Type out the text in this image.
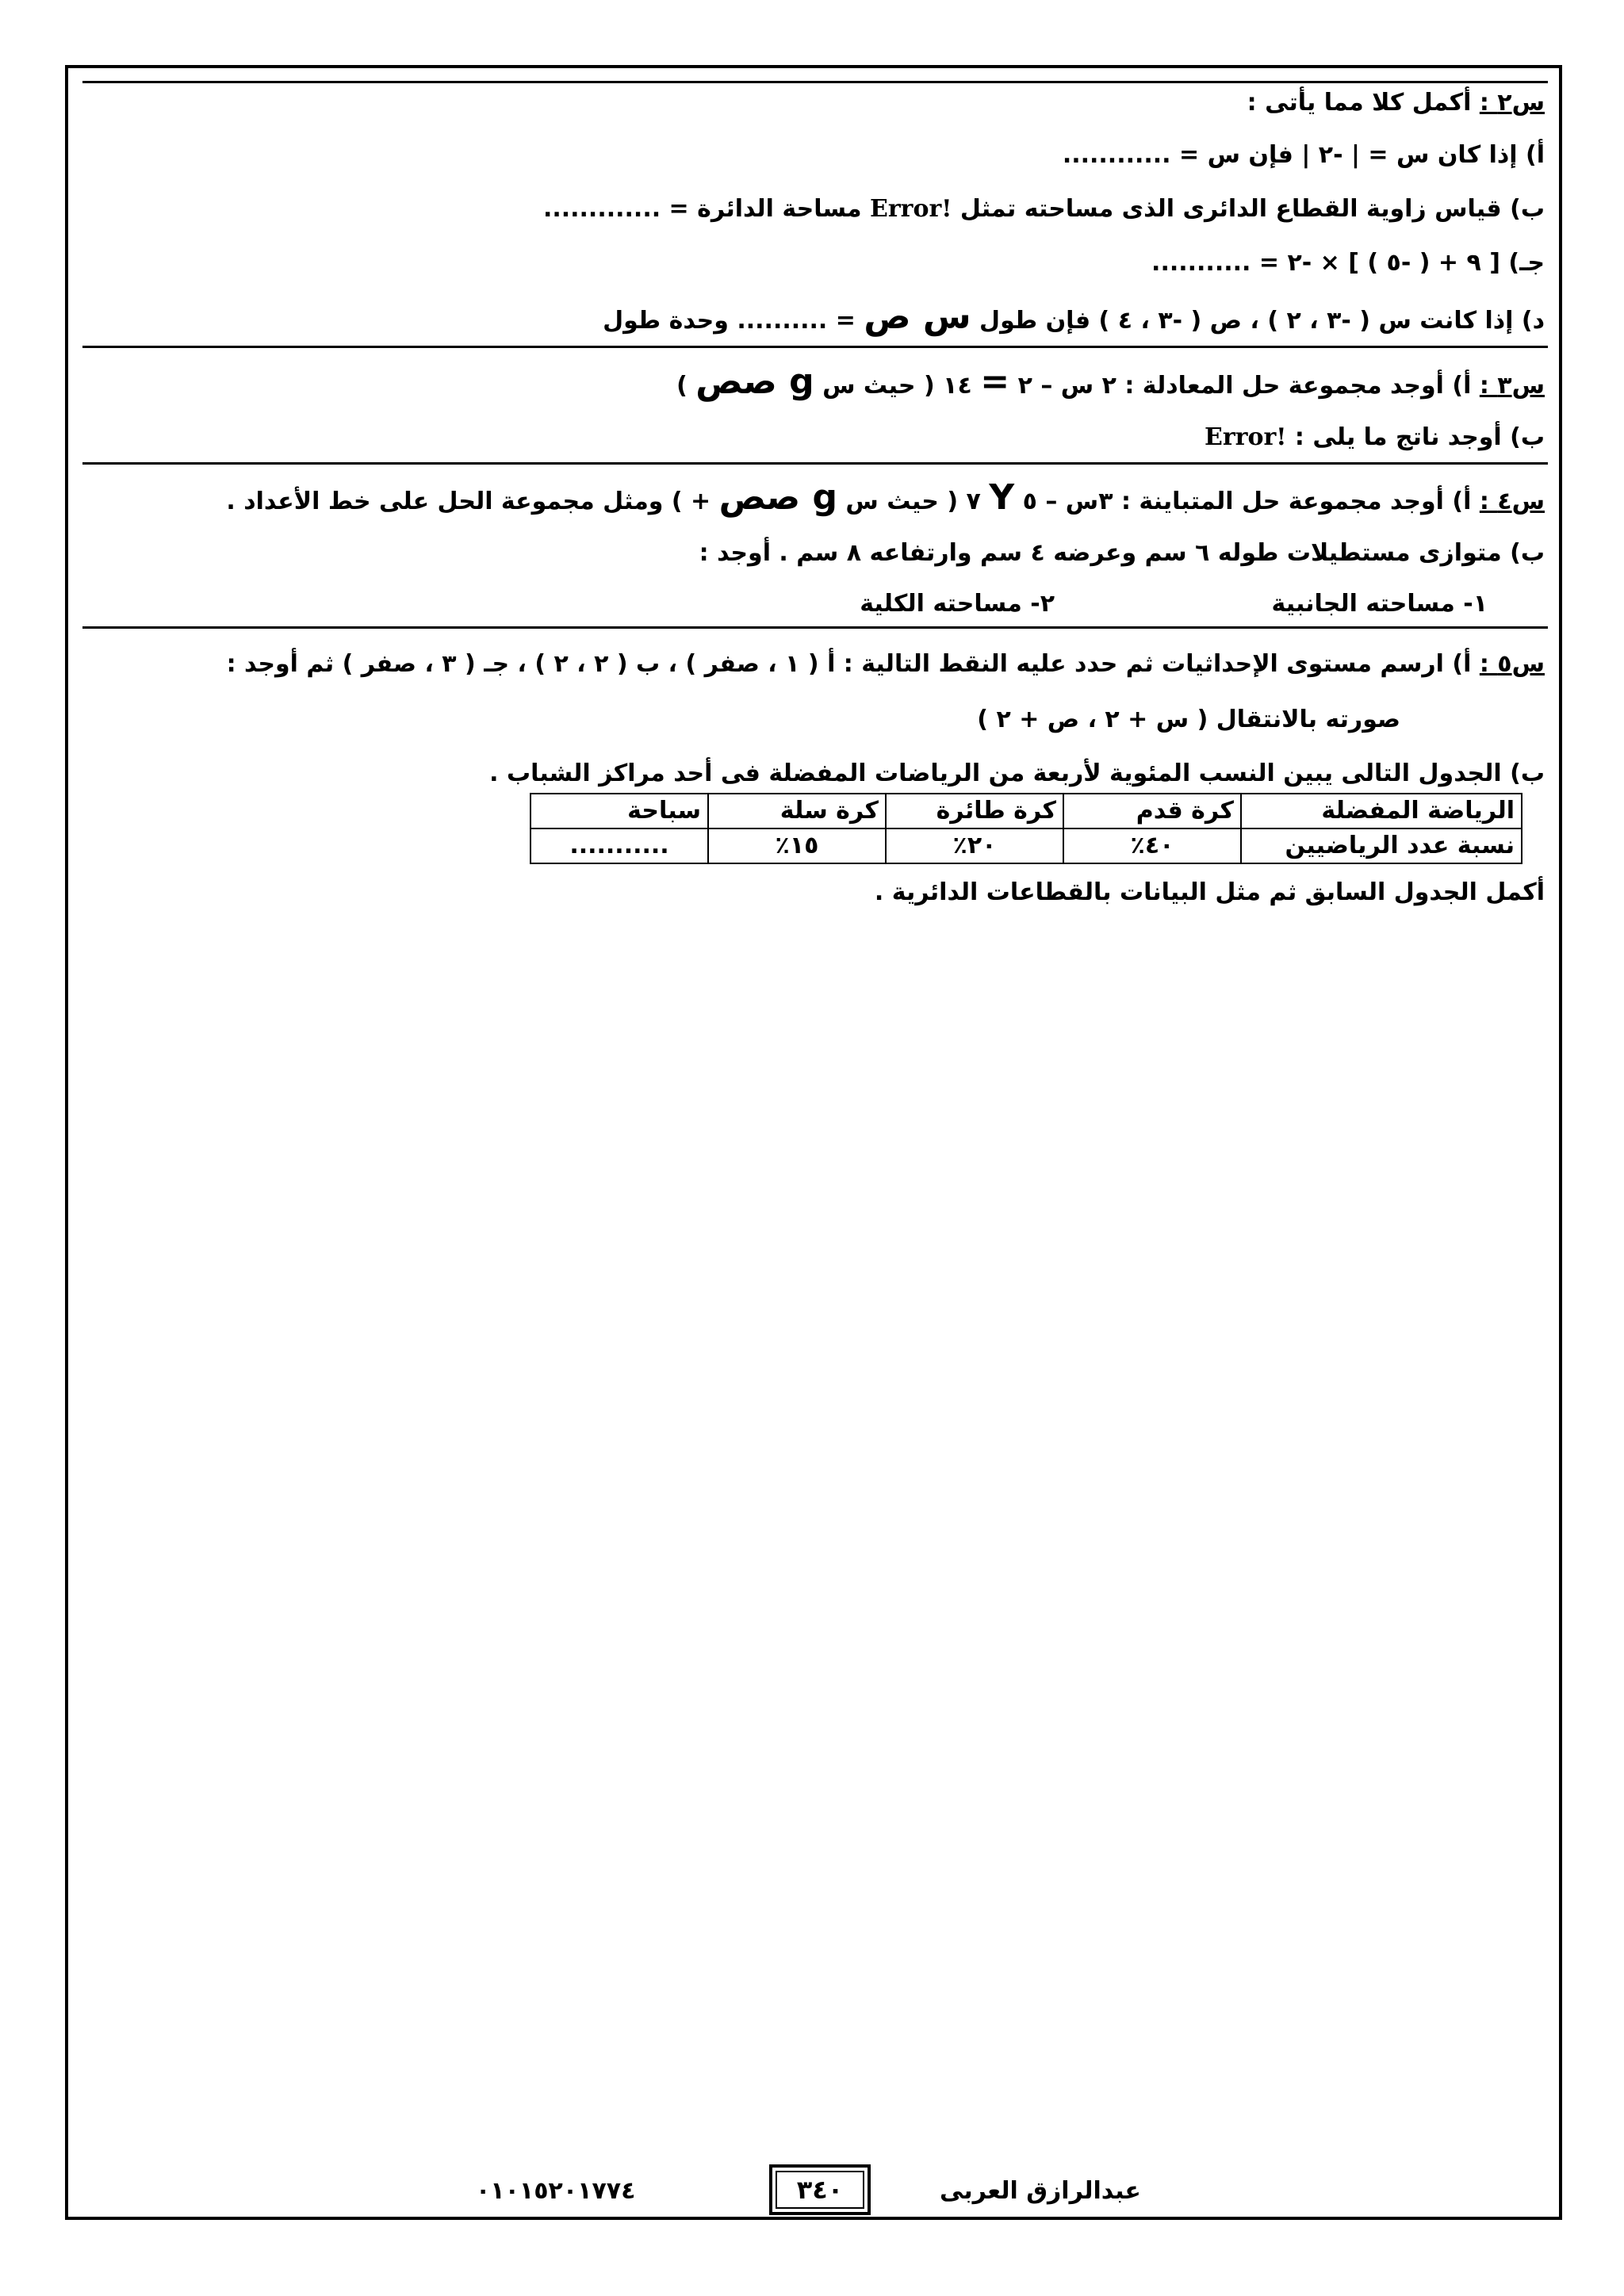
س٢ : أكمل كلا مما يأتى :
أ) إذا كان س = | -٢ | فإن س = ............
ب) قياس زاوية القطاع الدائرى الذى مساحته تمثل Error! مساحة الدائرة = .............
جـ) [ ٩ + ( -٥ ) ] × -٢ = ...........
د) إذا كانت س ( -٣ ، ٢ ) ، ص ( -٣ ، ٤ ) فإن طول س ص = .......... وحدة طول
س٣ : أ) أوجد مجموعة حل المعادلة : ٢ س – ٢ = ١٤ ( حيث س g صص )
ب) أوجد ناتج ما يلى : Error!
س٤ : أ) أوجد مجموعة حل المتباينة : ٣س – ٥ Y ٧ ( حيث س g صص + ) ومثل مجموعة الحل على خط الأعداد .
ب) متوازى مستطيلات طوله ٦ سم وعرضه ٤ سم وارتفاعه ٨ سم . أوجد :
١- مساحته الجانبية
٢- مساحته الكلية
س٥ : أ) ارسم مستوى الإحداثيات ثم حدد عليه النقط التالية : أ ( ١ ، صفر ) ، ب ( ٢ ، ٢ ) ، جـ ( ٣ ، صفر ) ثم أوجد :
صورته بالانتقال ( س + ٢ ، ص + ٢ )
ب) الجدول التالى يبين النسب المئوية لأربعة من الرياضات المفضلة فى أحد مراكز الشباب .
الرياضة المفضلة	كرة قدم	كرة طائرة	كرة سلة	سباحة
نسبة عدد الرياضيين	٤٠٪	٢٠٪	١٥٪	...........
أكمل الجدول السابق ثم مثل البيانات بالقطاعات الدائرية .
عبدالرازق العربى
٣٤٠
٠١٠١٥٢٠١٧٧٤
